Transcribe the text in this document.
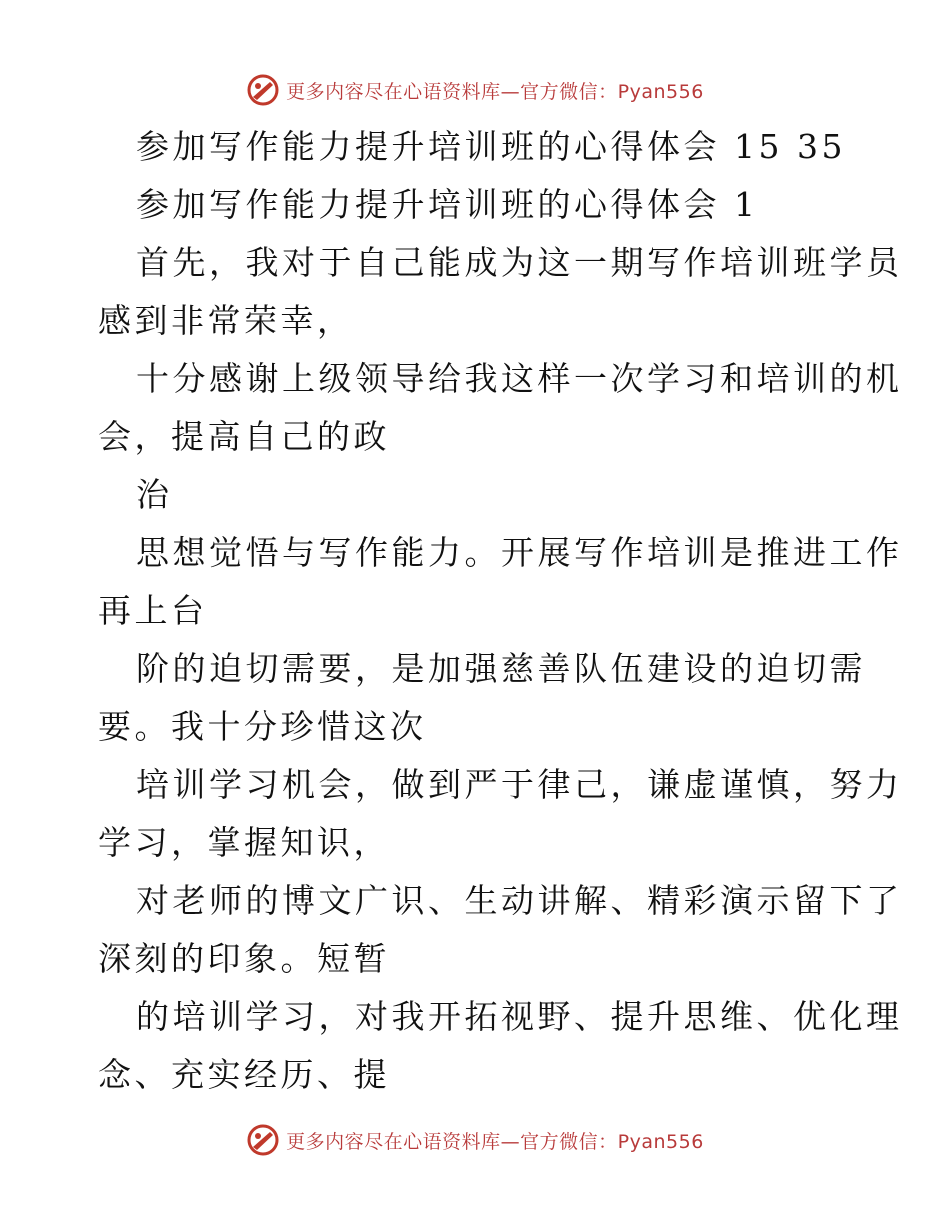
更多内容尽在心语资料库—官方微信：Pyan556
参加写作能力提升培训班的心得体会 15 35
参加写作能力提升培训班的心得体会 1
首先，我对于自己能成为这一期写作培训班学员
感到非常荣幸，
十分感谢上级领导给我这样一次学习和培训的机
会，提高自己的政
治
思想觉悟与写作能力。开展写作培训是推进工作
再上台
阶的迫切需要，是加强慈善队伍建设的迫切需
要。我十分珍惜这次
培训学习机会，做到严于律己，谦虚谨慎，努力
学习，掌握知识，
对老师的博文广识、生动讲解、精彩演示留下了
深刻的印象。短暂
的培训学习，对我开拓视野、提升思维、优化理
念、充实经历、提
更多内容尽在心语资料库—官方微信：Pyan556
